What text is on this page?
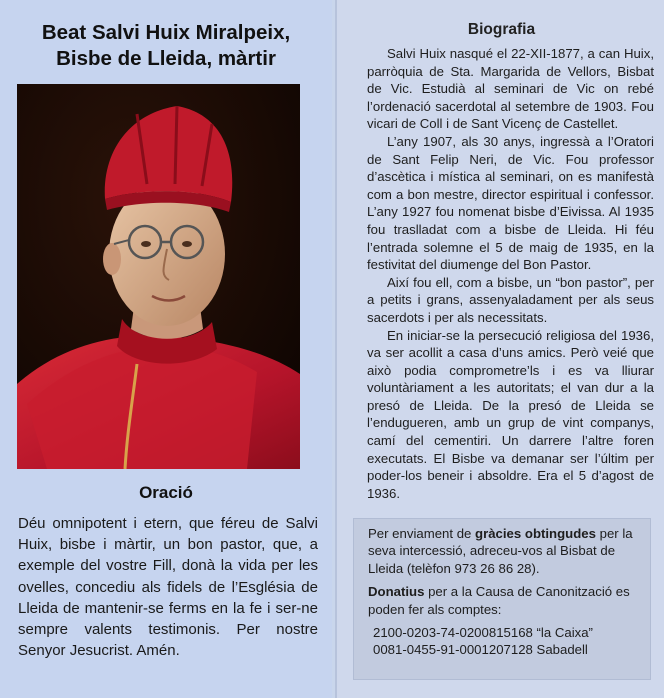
Beat Salvi Huix Miralpeix,
Bisbe de Lleida, màrtir
Oració
Déu omnipotent i etern, que féreu de Salvi Huix, bisbe i màrtir, un bon pastor, que, a exemple del vostre Fill, donà la vida per les ovelles, concediu als fidels de l’Església de Lleida de mantenir-se ferms en la fe i ser-ne sempre valents testimonis. Per nostre Senyor Jesucrist. Amén.
Biografia

Salvi Huix nasqué el 22-XII-1877, a can Huix, parròquia de Sta. Margarida de Vellors, Bisbat de Vic. Estudià al seminari de Vic on rebé l’ordenació sacerdotal al setembre de 1903. Fou vicari de Coll i de Sant Vicenç de Castellet.

L’any 1907, als 30 anys, ingressà a l’Oratori de Sant Felip Neri, de Vic. Fou professor d’ascètica i mística al seminari, on es manifestà com a bon mestre, director espiritual i confessor. L’any 1927 fou nomenat bisbe d’Eivissa. Al 1935 fou traslladat com a bisbe de Lleida. Hi féu l’entrada solemne el 5 de maig de 1935, en la festivitat del diumenge del Bon Pastor.

Així fou ell, com a bisbe, un “bon pastor”, per a petits i grans, assenyaladament per als seus sacerdots i per als necessitats.

En iniciar-se la persecució religiosa del 1936, va ser acollit a casa d’uns amics. Però veié que això podia comprometre’ls i es va lliurar voluntàriament a les autoritats; el van dur a la presó de Lleida. De la presó de Lleida se l’endugueren, amb un grup de vint companys, camí del cementiri. Un darrere l’altre foren executats. El Bisbe va demanar ser l’últim per poder-los beneir i absoldre. Era el 5 d’agost de 1936.

Per enviament de gràcies obtingudes per la seva intercessió, adreceu-vos al Bisbat de Lleida (telèfon 973 26 86 28).

Donatius per a la Causa de Canonització es poden fer als comptes:

2100-0203-74-0200815168 “la Caixa”
0081-0455-91-0001207128 Sabadell
